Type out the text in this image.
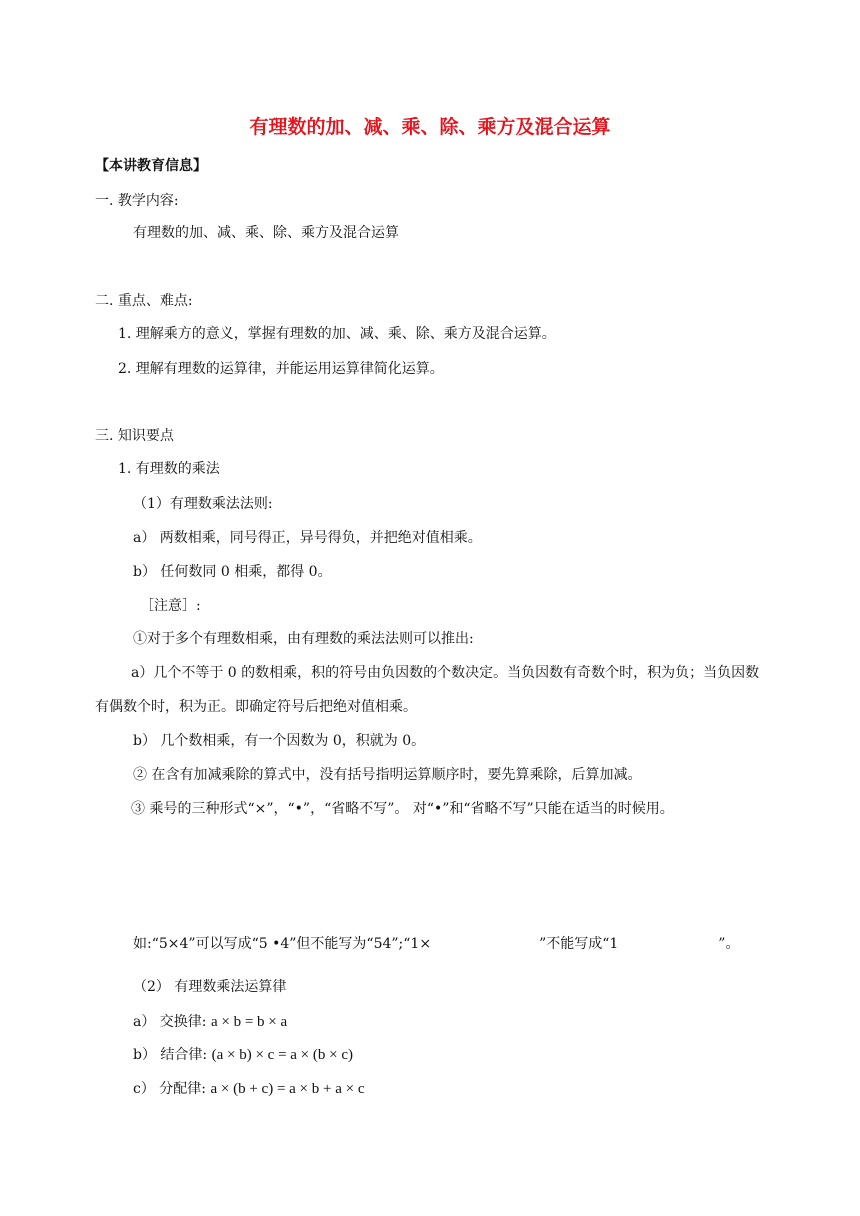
有理数的加、减、乘、除、乘方及混合运算
【本讲教育信息】
一. 教学内容:
有理数的加、减、乘、除、乘方及混合运算
二. 重点、难点:
1. 理解乘方的意义，掌握有理数的加、减、乘、除、乘方及混合运算。
2. 理解有理数的运算律，并能运用运算律简化运算。
三. 知识要点
1. 有理数的乘法
（1）有理数乘法法则:
a） 两数相乘，同号得正，异号得负，并把绝对值相乘。
b） 任何数同 0 相乘，都得 0。
［注意］:
①对于多个有理数相乘，由有理数的乘法法则可以推出:
a）几个不等于 0 的数相乘，积的符号由负因数的个数决定。当负因数有奇数个时，积为负；当负因数有偶数个时，积为正。即确定符号后把绝对值相乘。
b） 几个数相乘，有一个因数为 0，积就为 0。
② 在含有加减乘除的算式中，没有括号指明运算顺序时，要先算乘除，后算加减。
③ 乘号的三种形式“×”，“•”，“省略不写”。 对“•”和“省略不写”只能在适当的时候用。
如:“5×4”可以写成“5 •4”但不能写为“54”;“1×	”不能写成“1	”。
（2） 有理数乘法运算律
a） 交换律: a × b = b × a
b） 结合律: (a × b) × c = a × (b × c)
c） 分配律: a × (b + c) = a × b + a × c
